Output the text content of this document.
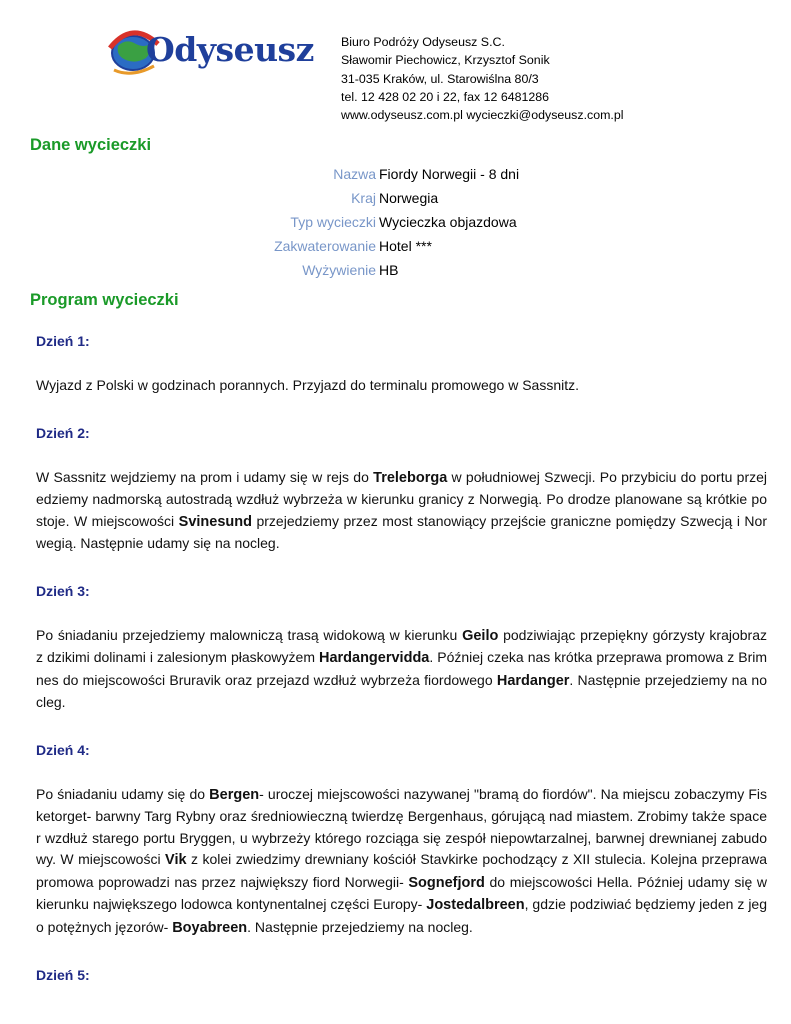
Odyseusz Biuro Podróży Odyseusz S.C.
Sławomir Piechowicz, Krzysztof Sonik
31-035 Kraków, ul. Starowiślna 80/3
tel. 12 428 02 20 i 22, fax 12 6481286
www.odyseusz.com.pl wycieczki@odyseusz.com.pl
Dane wycieczki
Nazwa Fiordy Norwegii - 8 dni
Kraj Norwegia
Typ wycieczki Wycieczka objazdowa
Zakwaterowanie Hotel ***
Wyżywienie HB
Program wycieczki
Dzień 1:
Wyjazd z Polski w godzinach porannych. Przyjazd do terminalu promowego w Sassnitz.
Dzień 2:
W Sassnitz wejdziemy na prom i udamy się w rejs do Treleborga w południowej Szwecji. Po przybiciu do portu przejedziemy nadmorską autostradą wzdłuż wybrzeża w kierunku granicy z Norwegią. Po drodze planowane są krótkie postoje. W miejscowości Svinesund przejedziemy przez most stanowiący przejście graniczne pomiędzy Szwecją i Norwegią. Następnie udamy się na nocleg.
Dzień 3:
Po śniadaniu przejedziemy malowniczą trasą widokową w kierunku Geilo podziwiając przepiękny górzysty krajobraz z dzikimi dolinami i zalesionym płaskowyżem Hardangervidda. Później czeka nas krótka przeprawa promowa z Brimnes do miejscowości Bruravik oraz przejazd wzdłuż wybrzeża fiordowego Hardanger. Następnie przejedziemy na nocleg.
Dzień 4:
Po śniadaniu udamy się do Bergen- uroczej miejscowości nazywanej "bramą do fiordów". Na miejscu zobaczymy Fisketorget- barwny Targ Rybny oraz średniowieczną twierdzę Bergenhaus, górującą nad miastem. Zrobimy także spacer wzdłuż starego portu Bryggen, u wybrzeży którego rozciąga się zespół niepowtarzalnej, barwnej drewnianej zabudowy. W miejscowości Vik z kolei zwiedzimy drewniany kościół Stavkirke pochodzący z XII stulecia. Kolejna przeprawa promowa poprowadzi nas przez największy fiord Norwegii- Sognefjord do miejscowości Hella. Później udamy się w kierunku największego lodowca kontynentalnej części Europy- Jostedalbreen, gdzie podziwiać będziemy jeden z jego potężnych jęzorów- Boyabreen. Następnie przejedziemy na nocleg.
Dzień 5:
